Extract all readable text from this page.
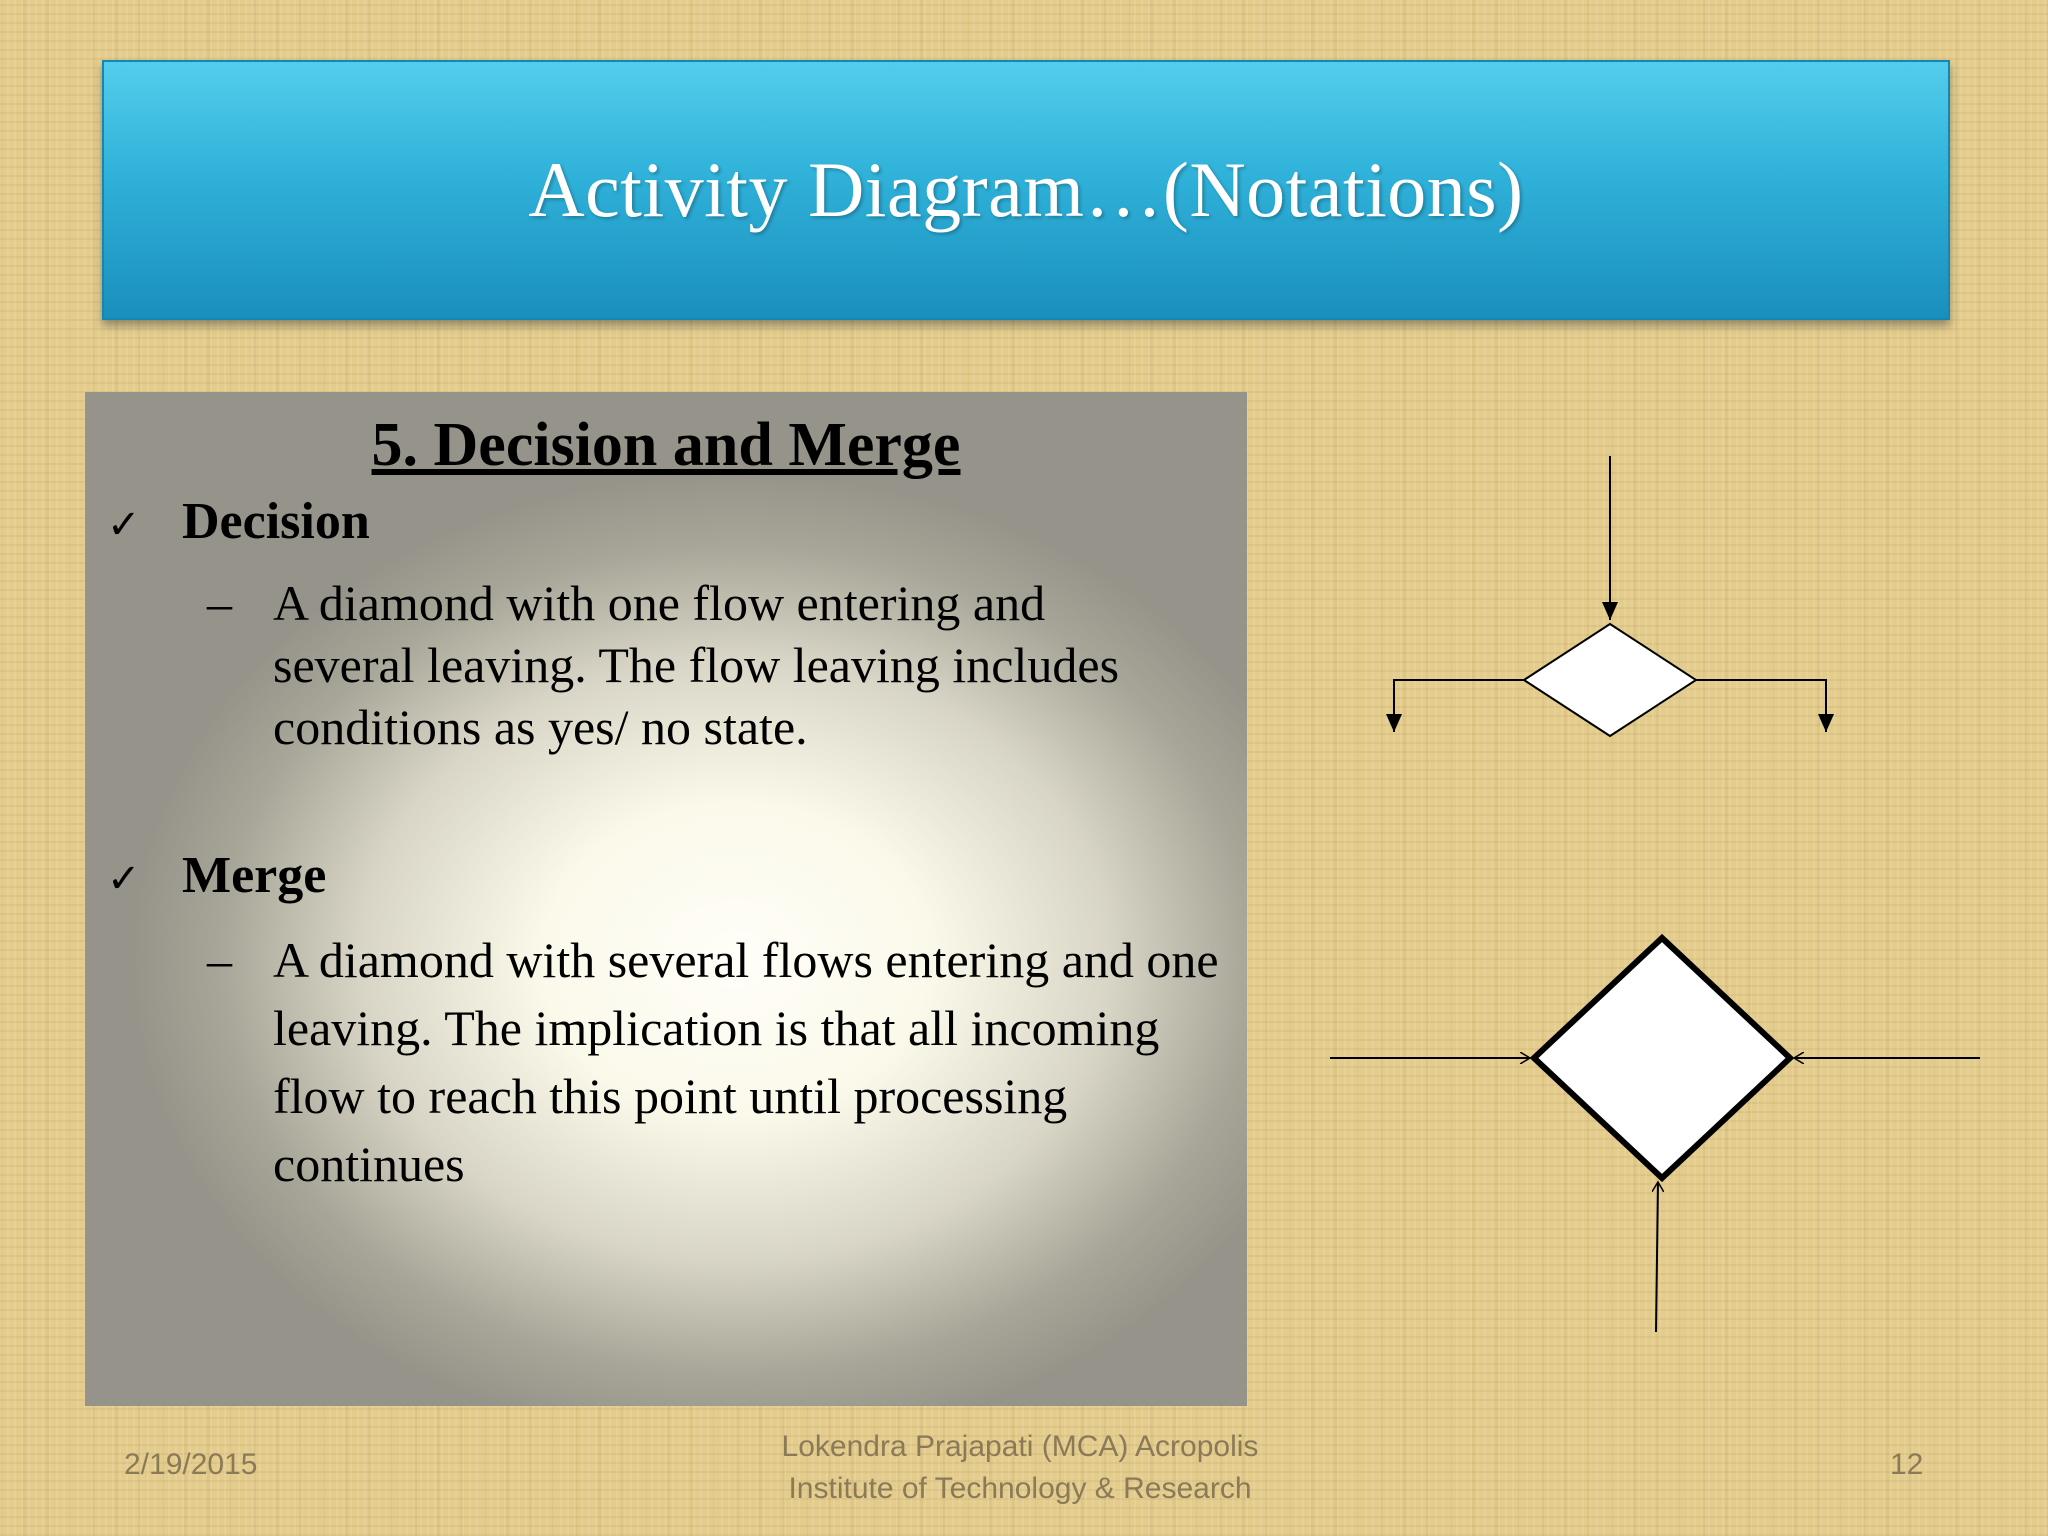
Activity Diagram…(Notations)
5. Decision and Merge
✓ Decision
– A diamond with one flow entering and several leaving. The flow leaving includes conditions as yes/ no state.
✓ Merge
– A diamond with several flows entering and one leaving. The implication is that all incoming flow to reach this point until processing continues
2/19/2015
Lokendra Prajapati (MCA) Acropolis
Institute of Technology & Research
12
